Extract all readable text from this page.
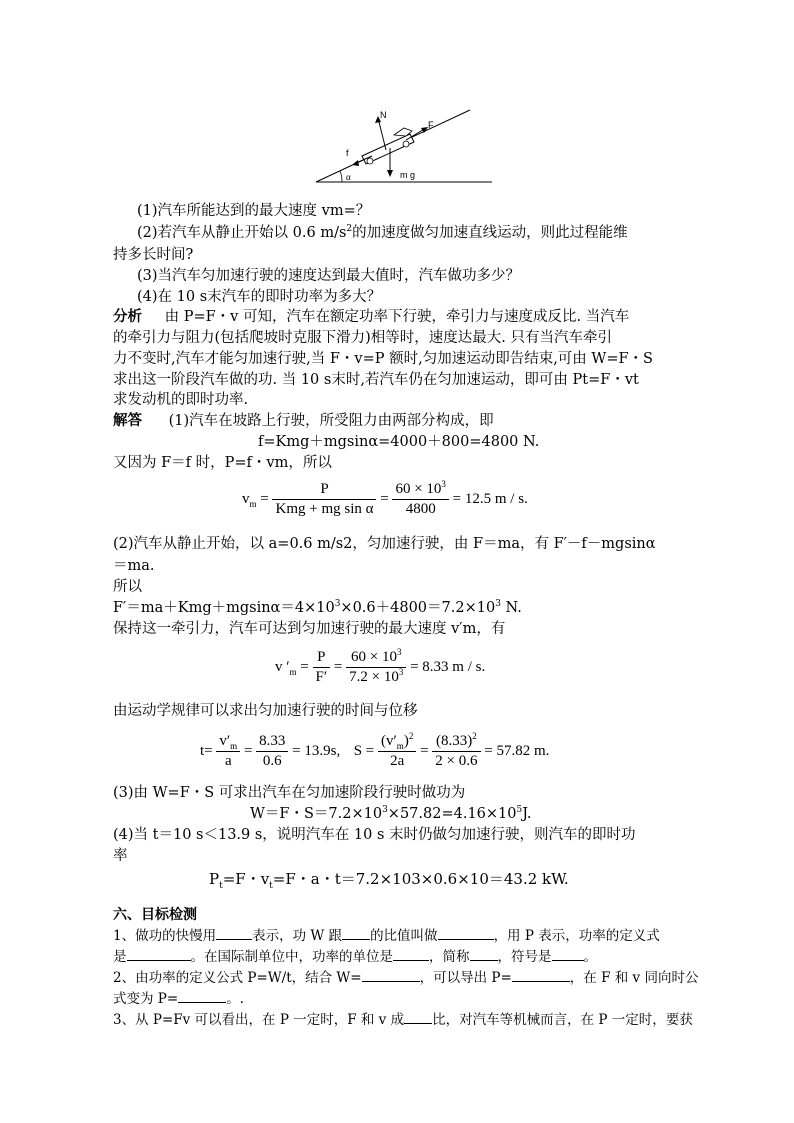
N
F
f
m g
α
(1)汽车所能达到的最大速度 vm=？
(2)若汽车从静止开始以 0.6 $m/s^2$的加速度做匀加速直线运动，则此过程能维
持多长时间?
(3)当汽车匀加速行驶的速度达到最大值时，汽车做功多少？
(4)在 10 s末汽车的即时功率为多大？
分析 由 P=F・v 可知，汽车在额定功率下行驶，牵引力与速度成反比. 当汽车
的牵引力与阻力(包括爬坡时克服下滑力)相等时，速度达最大. 只有当汽车牵引
力不变时,汽车才能匀加速行驶,当 F・v=P 额时,匀加速运动即告结束,可由 W=F・S
求出这一阶段汽车做的功. 当 10 s末时,若汽车仍在匀加速运动，即可由 Pt=F・vt
求发动机的即时功率.
解答 (1)汽车在坡路上行驶，所受阻力由两部分构成，即
f=Kmg＋mgsinα=4000＋800=4800 N.
又因为 F＝f 时，P=f・vm，所以
$v_m = \frac{P}{\text{Kmg + mg sin α}} = \frac{60 \times 10^3}{4800} = 12.5$ m / s.
(2)汽车从静止开始，以 a=0.6 m/s2，匀加速行驶，由 F＝ma，有 F′－f－mgsinα
＝ma.
所以
$F'=ma+Kmg+mgsin\alpha=4\times 10^3\times 0.6+4800=7.2\times 10^3$ N.
保持这一牵引力，汽车可达到匀加速行驶的最大速度 v′m，有
v $'_m = \frac{P}{F'} = \frac{60 \times 10^3}{7.2 \times 10^3} = 8.33$ m / s.
由运动学规律可以求出匀加速行驶的时间与位移
$t= \frac{v'_m}{a} = \frac{8.33}{0.6} = 13.9s$, $S = \frac{(v'_m)^2}{2a} = \frac{(8.33)^2}{2 \times 0.6} = 57.82$ m.
(3)由 W=F・S 可求出汽车在匀加速阶段行驶时做功为
W＝F・$S=7.2\times 10^3\times 57.82=4.16\times 10^5J$.
(4)当 t＝10 s＜13.9 s，说明汽车在 10 s 末时仍做匀加速行驶，则汽车的即时功
率
$P_t=F$・$v_t=F$・a・t＝7.2×103×0.6×10＝43.2 kW.
六、目标检测
1、做功的快慢用	表示，功 W 跟 的比值叫做	，用 P 表示，功率的定义式
是	。在国际制单位中，功率的单位是	，简称 ，符号是 。
2、由功率的定义公式 P=W/t，结合 W=	，可以导出 P=	，在 F 和 v 同向时公
式变为 P=	。.
3、从 P=Fv 可以看出，在 P 一定时，F 和 v 成 比，对汽车等机械而言，在 P 一定时，要获
